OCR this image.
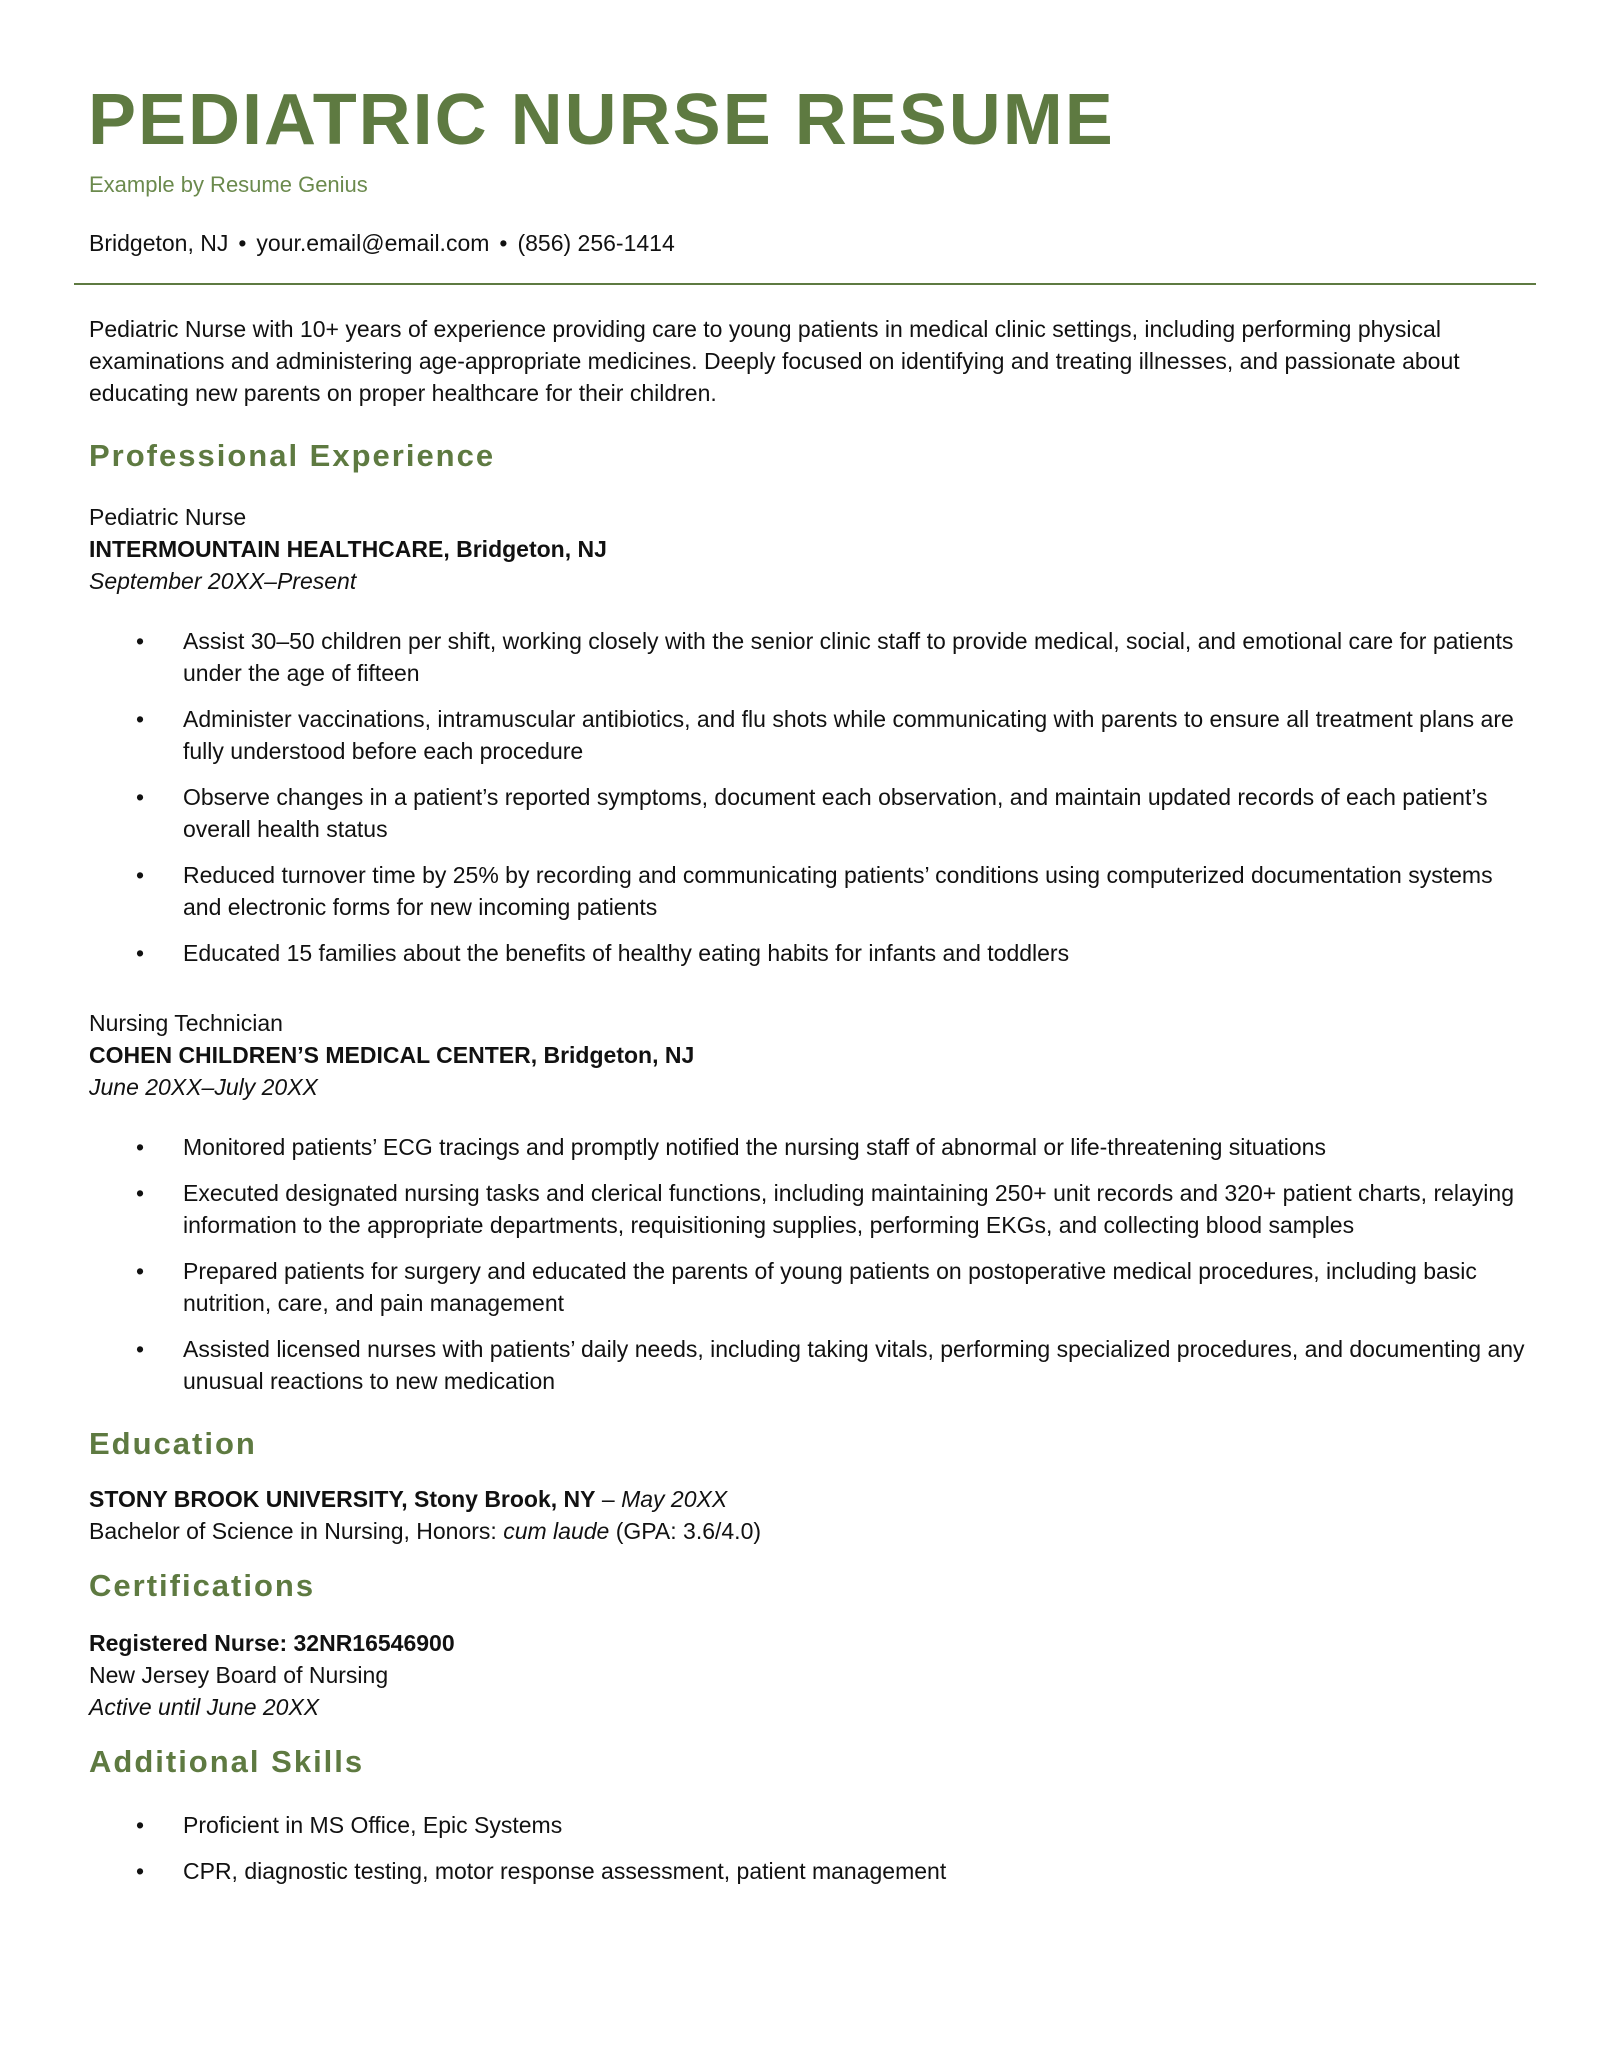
PEDIATRIC NURSE RESUME
Example by Resume Genius
Bridgeton, NJ • your.email@email.com • (856) 256-1414

Pediatric Nurse with 10+ years of experience providing care to young patients in medical clinic settings, including performing physical examinations and administering age-appropriate medicines. Deeply focused on identifying and treating illnesses, and passionate about educating new parents on proper healthcare for their children.

Professional Experience
Pediatric Nurse
INTERMOUNTAIN HEALTHCARE, Bridgeton, NJ
September 20XX–Present
• Assist 30–50 children per shift, working closely with the senior clinic staff to provide medical, social, and emotional care for patients under the age of fifteen
• Administer vaccinations, intramuscular antibiotics, and flu shots while communicating with parents to ensure all treatment plans are fully understood before each procedure
• Observe changes in a patient’s reported symptoms, document each observation, and maintain updated records of each patient’s overall health status
• Reduced turnover time by 25% by recording and communicating patients’ conditions using computerized documentation systems and electronic forms for new incoming patients
• Educated 15 families about the benefits of healthy eating habits for infants and toddlers
Nursing Technician
COHEN CHILDREN’S MEDICAL CENTER, Bridgeton, NJ
June 20XX–July 20XX
• Monitored patients’ ECG tracings and promptly notified the nursing staff of abnormal or life-threatening situations
• Executed designated nursing tasks and clerical functions, including maintaining 250+ unit records and 320+ patient charts, relaying information to the appropriate departments, requisitioning supplies, performing EKGs, and collecting blood samples
• Prepared patients for surgery and educated the parents of young patients on postoperative medical procedures, including basic nutrition, care, and pain management
• Assisted licensed nurses with patients’ daily needs, including taking vitals, performing specialized procedures, and documenting any unusual reactions to new medication
Education
STONY BROOK UNIVERSITY, Stony Brook, NY – May 20XX
Bachelor of Science in Nursing, Honors: cum laude (GPA: 3.6/4.0)
Certifications
Registered Nurse: 32NR16546900
New Jersey Board of Nursing
Active until June 20XX
Additional Skills
• Proficient in MS Office, Epic Systems
• CPR, diagnostic testing, motor response assessment, patient management
